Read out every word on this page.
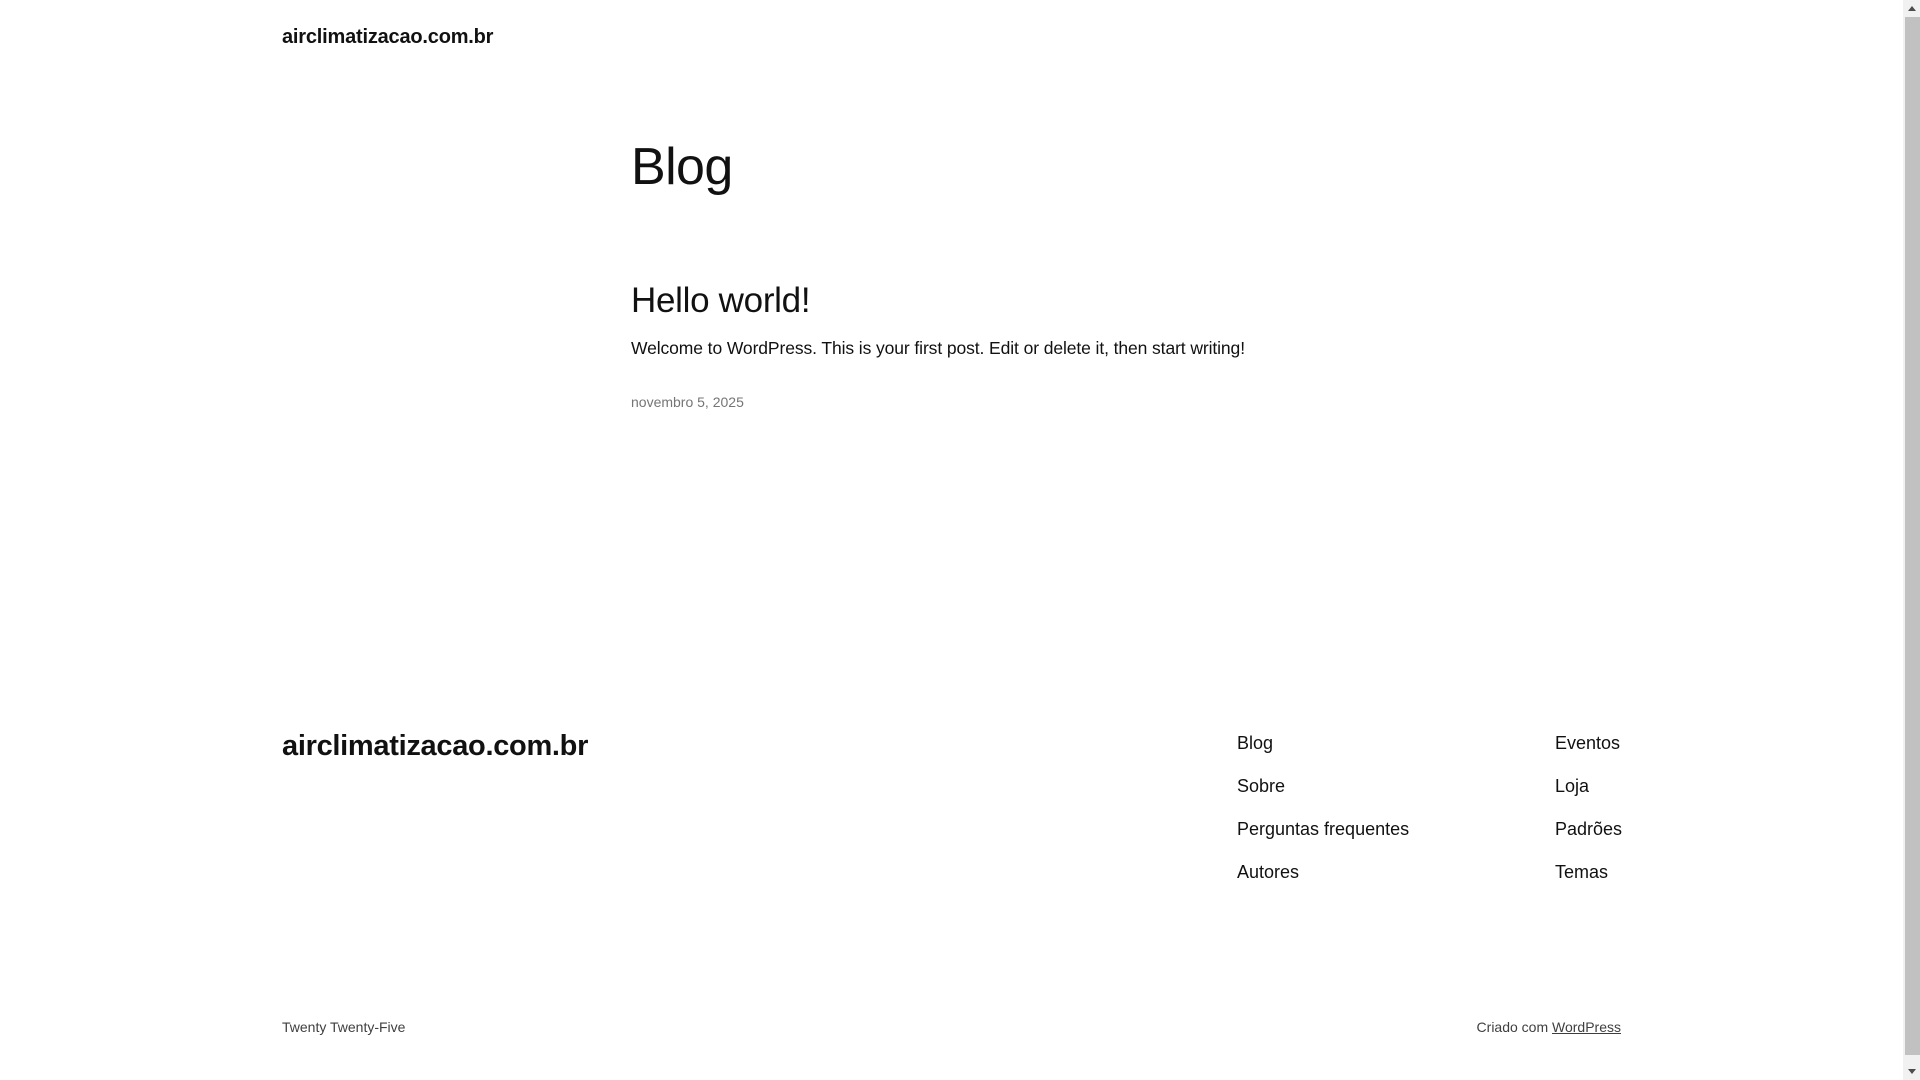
airclimatizacao.com.br
Blog
Hello world!

Welcome to WordPress. This is your first post. Edit or delete it, then start writing!

novembro 5, 2025
airclimatizacao.com.br	Blog
Sobre
Perguntas frequentes
Autores
Eventos
Loja
Padrões
Temas
Twenty Twenty-Five	Criado com WordPress
